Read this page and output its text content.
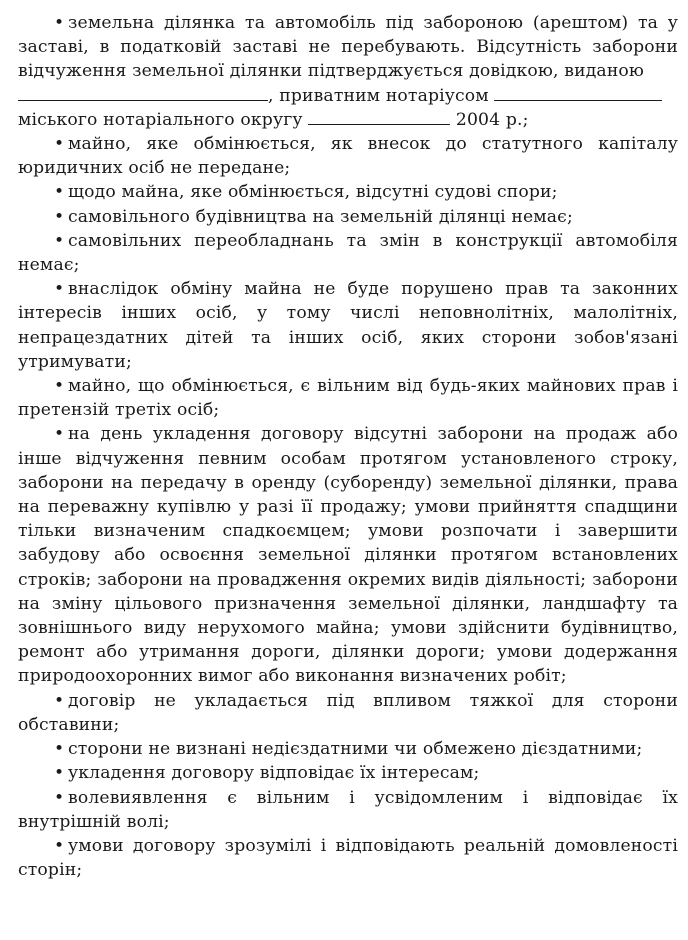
• земельна ділянка та автомобіль під забороною (арештом) та у заставі, в податковій заставі не перебувають. Відсутність заборони відчуження земельної ділянки підтверджується довідкою, виданою
, приватним нотаріусом
міського нотаріального округу	2004 р.;

• майно, яке обмінюється, як внесок до статутного капіталу юридичних осіб не передане;

• щодо майна, яке обмінюється, відсутні судові спори;

• самовільного будівництва на земельній ділянці немає;

• самовільних переобладнань та змін в конструкції автомобіля немає;

• внаслідок обміну майна не буде порушено прав та законних інтересів інших осіб, у тому числі неповнолітніх, малолітніх, непрацездатних дітей та інших осіб, яких сторони зобов'язані утримувати;

• майно, що обмінюється, є вільним від будь-яких майнових прав і претензій третіх осіб;

• на день укладення договору відсутні заборони на продаж або інше відчуження певним особам протягом установленого строку, заборони на передачу в оренду (суборенду) земельної ділянки, права на переважну купівлю у разі її продажу; умови прийняття спадщини тільки визначеним спадкоємцем; умови розпочати і завершити забудову або освоєння земельної ділянки протягом встановлених строків; заборони на провадження окремих видів діяльності; заборони на зміну цільового призначення земельної ділянки, ландшафту та зовнішнього виду нерухомого майна; умови здійснити будівництво, ремонт або утримання дороги, ділянки дороги; умови додержання природоохоронних вимог або виконання визначених робіт;

• договір не укладається під впливом тяжкої для сторони обставини;

• сторони не визнані недієздатними чи обмежено дієздатними;

• укладення договору відповідає їх інтересам;

• волевиявлення є вільним і усвідомленим і відповідає їх внутрішній волі;

• умови договору зрозумілі і відповідають реальній домовленості сторін;
